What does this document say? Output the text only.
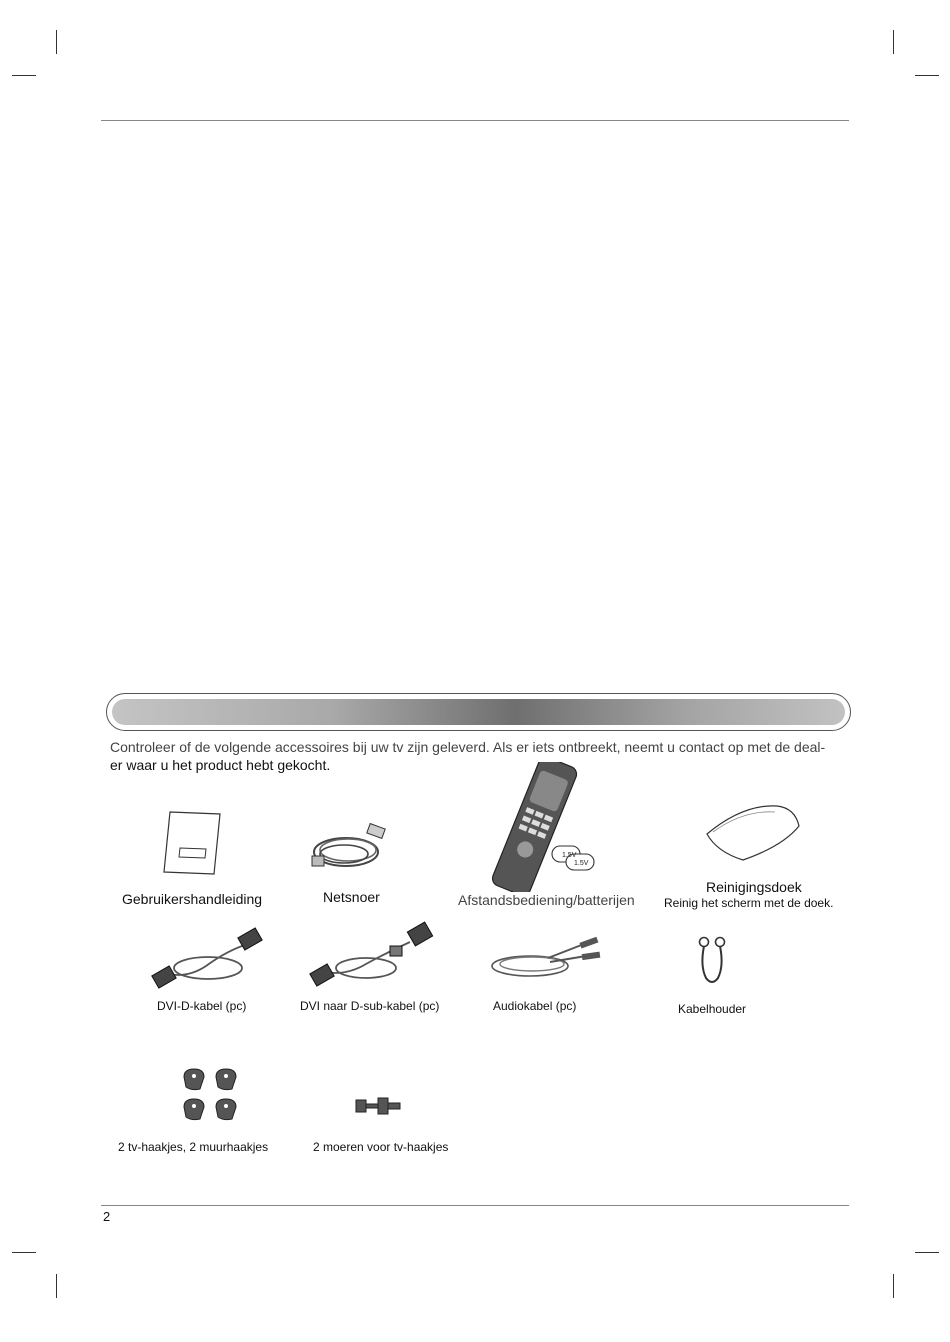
Controleer of de volgende accessoires bij uw tv zijn geleverd. Als er iets ontbreekt, neemt u contact op met de deal-
er waar u het product hebt gekocht.
Gebruikershandleiding	Netsnoer
1.5V
1.5V
Afstandsbediening/batterijen
Reinigingsdoek
Reinig het scherm met de doek.
DVI-D-kabel (pc)	DVI naar D-sub-kabel (pc)	Audiokabel (pc)	Kabelhouder
2 tv-haakjes, 2 muurhaakjes	2 moeren voor tv-haakjes
2
